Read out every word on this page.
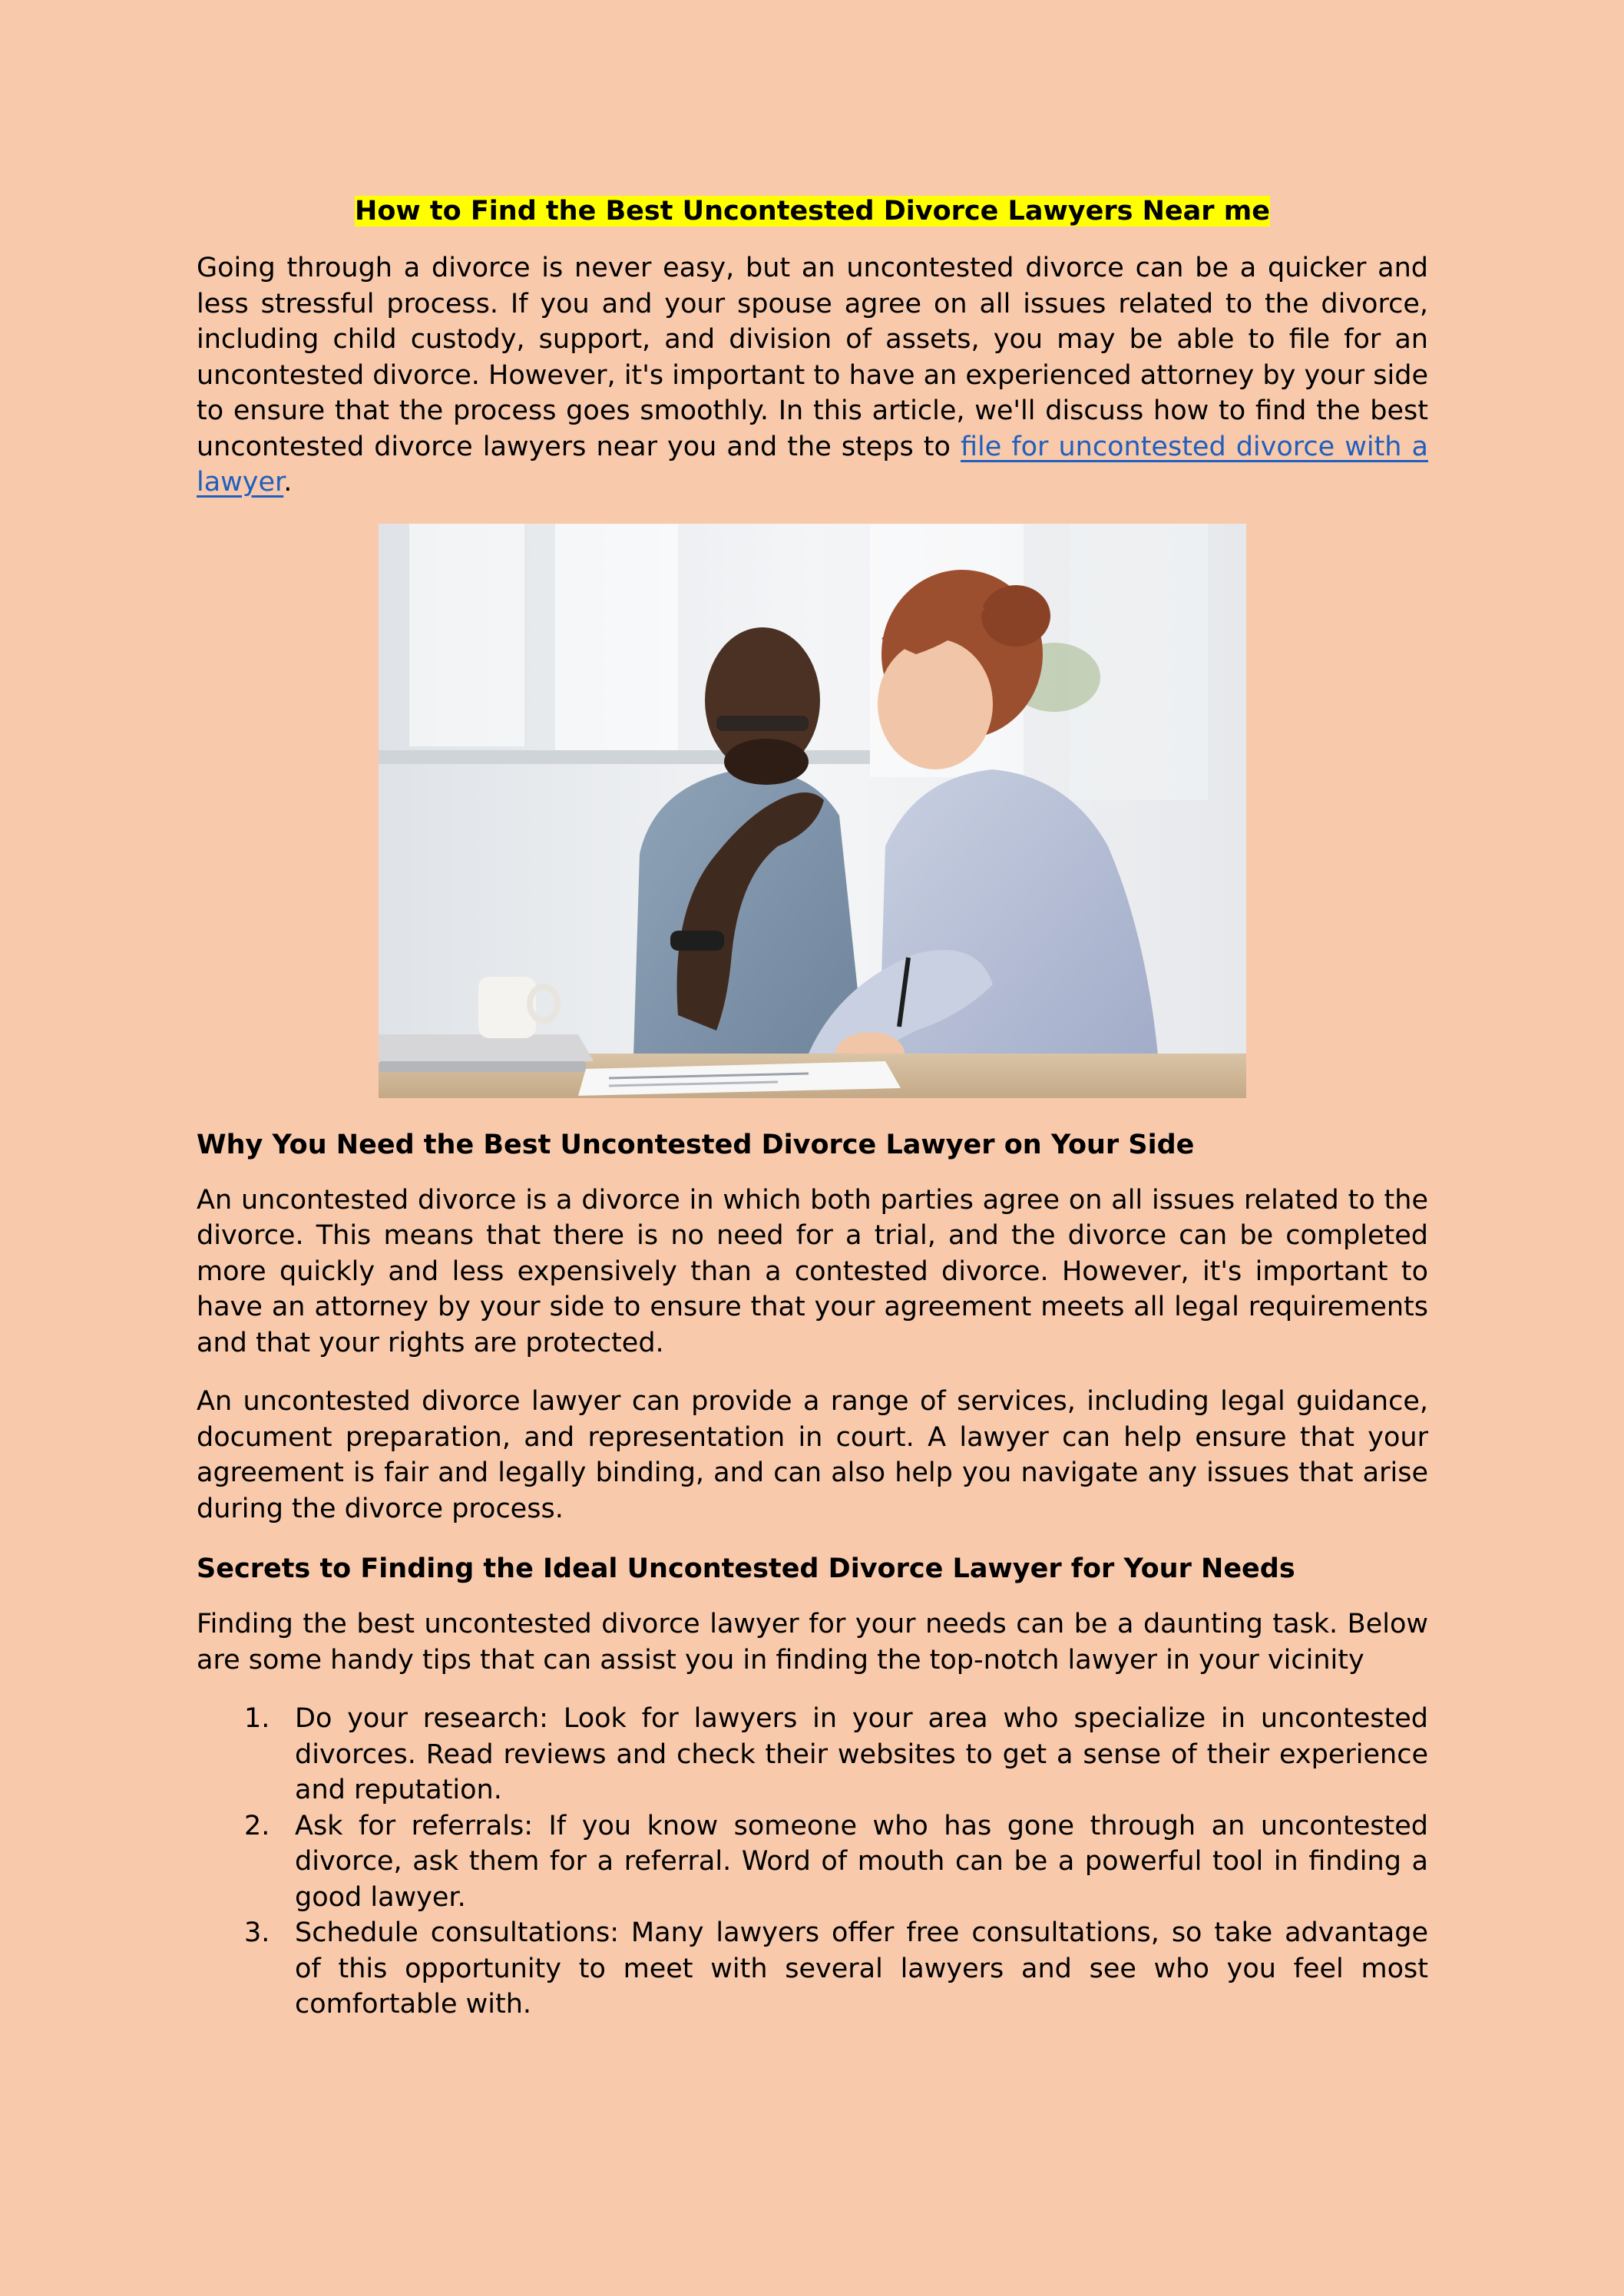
How to Find the Best Uncontested Divorce Lawyers Near me

Going through a divorce is never easy, but an uncontested divorce can be a quicker and less stressful process. If you and your spouse agree on all issues related to the divorce, including child custody, support, and division of assets, you may be able to file for an uncontested divorce. However, it's important to have an experienced attorney by your side to ensure that the process goes smoothly. In this article, we'll discuss how to find the best uncontested divorce lawyers near you and the steps to file for uncontested divorce with a lawyer.

Why You Need the Best Uncontested Divorce Lawyer on Your Side

An uncontested divorce is a divorce in which both parties agree on all issues related to the divorce. This means that there is no need for a trial, and the divorce can be completed more quickly and less expensively than a contested divorce. However, it's important to have an attorney by your side to ensure that your agreement meets all legal requirements and that your rights are protected.

An uncontested divorce lawyer can provide a range of services, including legal guidance, document preparation, and representation in court. A lawyer can help ensure that your agreement is fair and legally binding, and can also help you navigate any issues that arise during the divorce process.

Secrets to Finding the Ideal Uncontested Divorce Lawyer for Your Needs

Finding the best uncontested divorce lawyer for your needs can be a daunting task. Below are some handy tips that can assist you in finding the top-notch lawyer in your vicinity

1. Do your research: Look for lawyers in your area who specialize in uncontested divorces. Read reviews and check their websites to get a sense of their experience and reputation.
2. Ask for referrals: If you know someone who has gone through an uncontested divorce, ask them for a referral. Word of mouth can be a powerful tool in finding a good lawyer.
3. Schedule consultations: Many lawyers offer free consultations, so take advantage of this opportunity to meet with several lawyers and see who you feel most comfortable with.
